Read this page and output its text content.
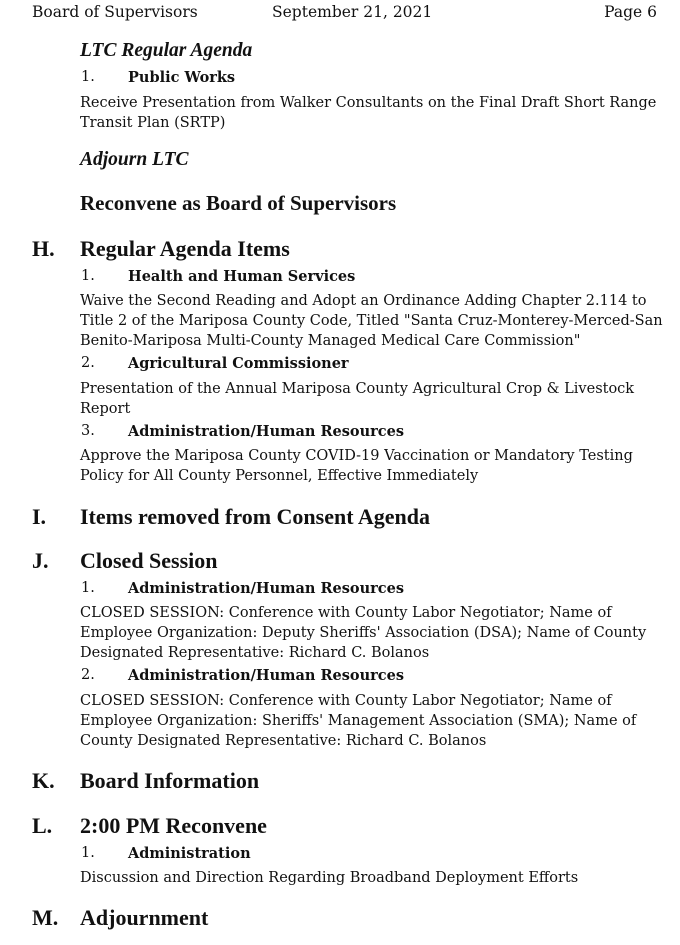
Board of Supervisors	September 21, 2021	Page 6
LTC Regular Agenda
1. Public Works
Receive Presentation from Walker Consultants on the Final Draft Short Range
Transit Plan (SRTP)
Adjourn LTC
Reconvene as Board of Supervisors
H. Regular Agenda Items
1. Health and Human Services
Waive the Second Reading and Adopt an Ordinance Adding Chapter 2.114 to
Title 2 of the Mariposa County Code, Titled "Santa Cruz-Monterey-Merced-San
Benito-Mariposa Multi-County Managed Medical Care Commission"
2. Agricultural Commissioner
Presentation of the Annual Mariposa County Agricultural Crop & Livestock
Report
3. Administration/Human Resources
Approve the Mariposa County COVID-19 Vaccination or Mandatory Testing
Policy for All County Personnel, Effective Immediately
I. Items removed from Consent Agenda
J. Closed Session
1. Administration/Human Resources
CLOSED SESSION: Conference with County Labor Negotiator; Name of
Employee Organization: Deputy Sheriffs' Association (DSA); Name of County
Designated Representative: Richard C. Bolanos
2. Administration/Human Resources
CLOSED SESSION: Conference with County Labor Negotiator; Name of
Employee Organization: Sheriffs' Management Association (SMA); Name of
County Designated Representative: Richard C. Bolanos
K. Board Information
L. 2:00 PM Reconvene
1. Administration
Discussion and Direction Regarding Broadband Deployment Efforts
M. Adjournment
